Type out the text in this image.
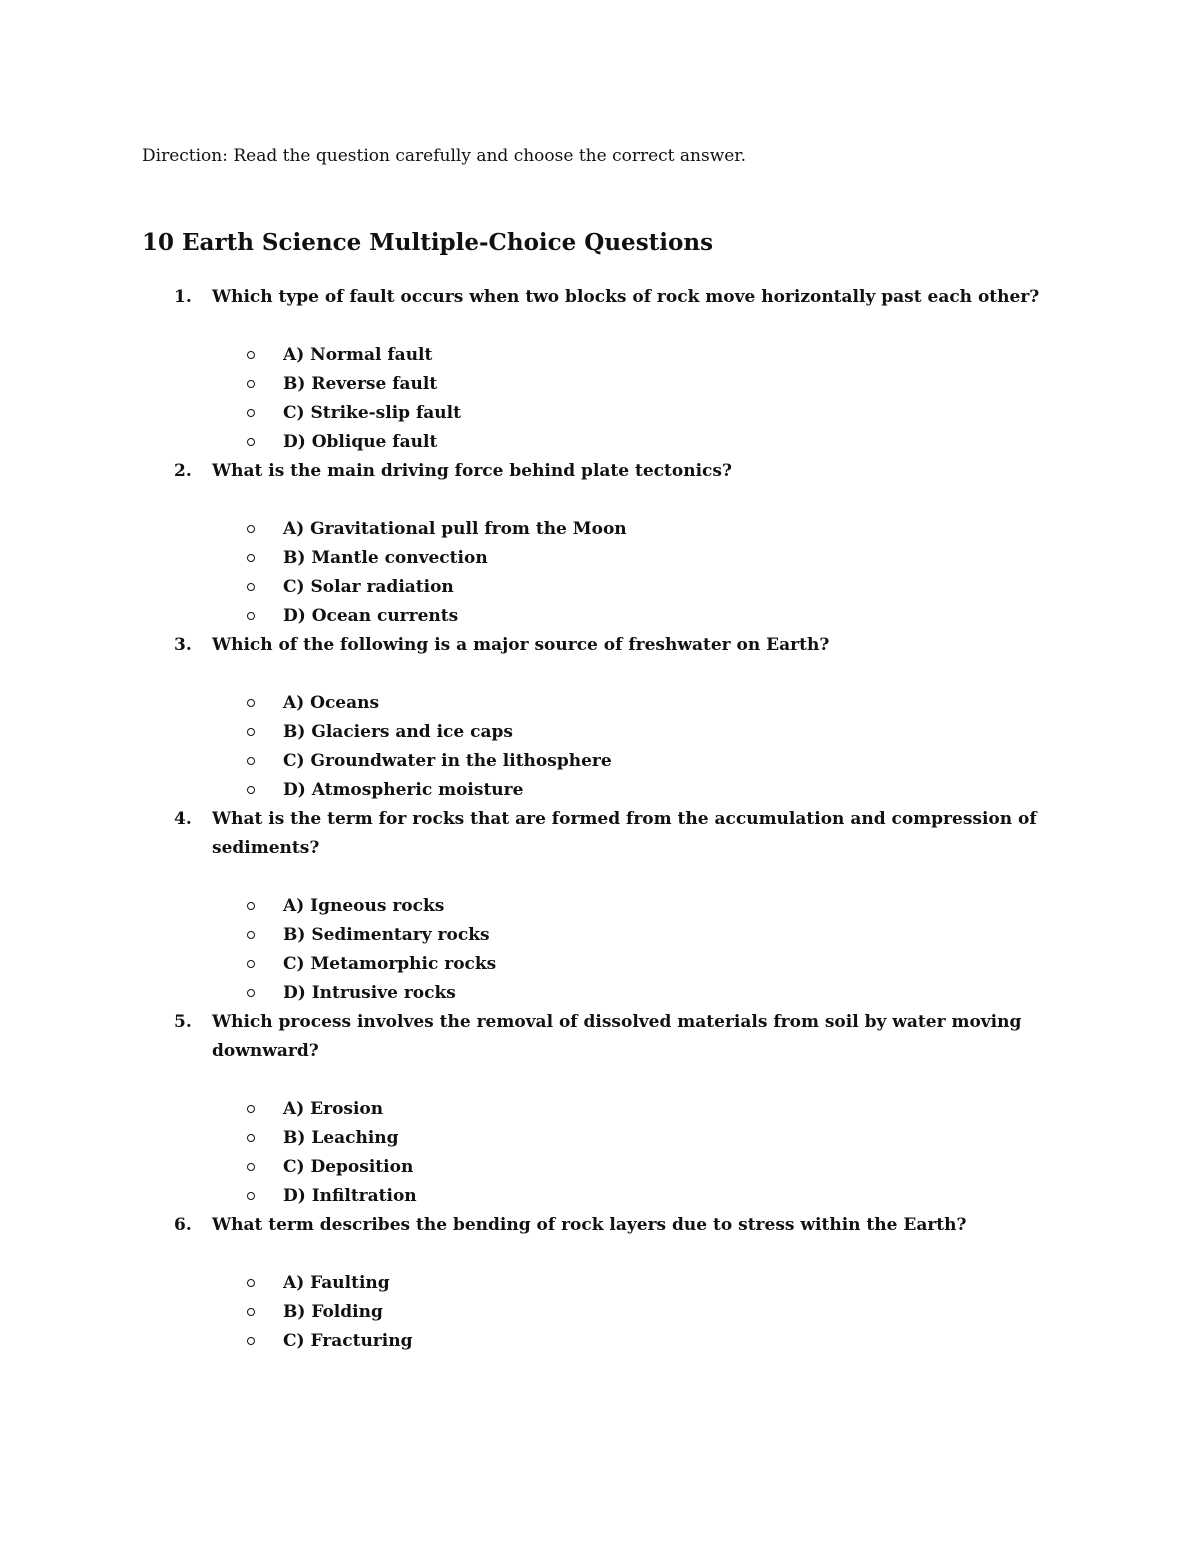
Direction: Read the question carefully and choose the correct answer.
10 Earth Science Multiple-Choice Questions
1.	Which type of fault occurs when two blocks of rock move horizontally past each other?
A) Normal fault
B) Reverse fault
C) Strike-slip fault
D) Oblique fault
2.	What is the main driving force behind plate tectonics?
A) Gravitational pull from the Moon
B) Mantle convection
C) Solar radiation
D) Ocean currents
3.	Which of the following is a major source of freshwater on Earth?
A) Oceans
B) Glaciers and ice caps
C) Groundwater in the lithosphere
D) Atmospheric moisture
4.	What is the term for rocks that are formed from the accumulation and compression of sediments?
A) Igneous rocks
B) Sedimentary rocks
C) Metamorphic rocks
D) Intrusive rocks
5.	Which process involves the removal of dissolved materials from soil by water moving downward?
A) Erosion
B) Leaching
C) Deposition
D) Infiltration
6.	What term describes the bending of rock layers due to stress within the Earth?
A) Faulting
B) Folding
C) Fracturing
